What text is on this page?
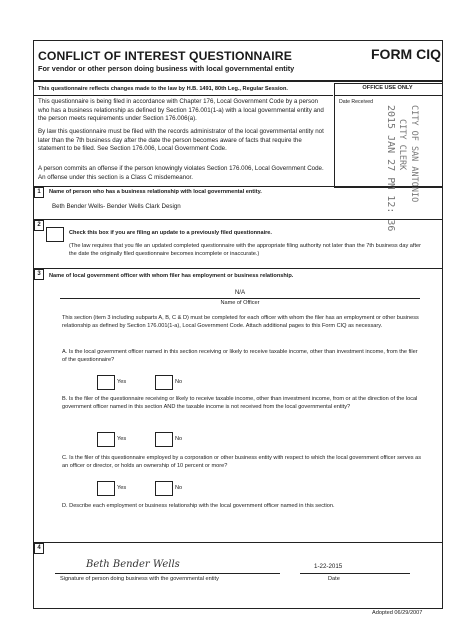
CONFLICT OF INTEREST QUESTIONNAIRE	FORM CIQ
For vendor or other person doing business with local governmental entity
This questionnaire reflects changes made to the law by H.B. 1491, 80th Leg., Regular Session.
This questionnaire is being filed in accordance with Chapter 176, Local Government Code by a person who has a business relationship as defined by Section 176.001(1-a) with a local governmental entity and the person meets requirements under Section 176.006(a).
By law this questionnaire must be filed with the records administrator of the local governmental entity not later than the 7th business day after the date the person becomes aware of facts that require the statement to be filed. See Section 176.006, Local Government Code.
A person commits an offense if the person knowingly violates Section 176.006, Local Government Code. An offense under this section is a Class C misdemeanor.
OFFICE USE ONLY
Date Received
CITY OF SAN ANTONIO
CITY CLERK
2015 JAN 27 PM 12: 36
1	Name of person who has a business relationship with local governmental entity.
Beth Bender Wells- Bender Wells Clark Design
2
Check this box if you are filing an update to a previously filed questionnaire.
(The law requires that you file an updated completed questionnaire with the appropriate filing authority not later than the 7th business day after the date the originally filed questionnaire becomes incomplete or inaccurate.)
3	Name of local government officer with whom filer has employment or business relationship.
N/A
Name of Officer
This section (item 3 including subparts A, B, C & D) must be completed for each officer with whom the filer has an employment or other business relationship as defined by Section 176.001(1-a), Local Government Code. Attach additional pages to this Form CIQ as necessary.
A. Is the local government officer named in this section receiving or likely to receive taxable income, other than investment income, from the filer of the questionnaire?
Yes	No
B. Is the filer of the questionnaire receiving or likely to receive taxable income, other than investment income, from or at the direction of the local government officer named in this section AND the taxable income is not received from the local governmental entity?
Yes	No
C. Is the filer of this questionnaire employed by a corporation or other business entity with respect to which the local government officer serves as an officer or director, or holds an ownership of 10 percent or more?
Yes	No
D. Describe each employment or business relationship with the local government officer named in this section.
4
Beth Bender Wells
Signature of person doing business with the governmental entity
1-22-2015
Date
Adopted 06/29/2007
